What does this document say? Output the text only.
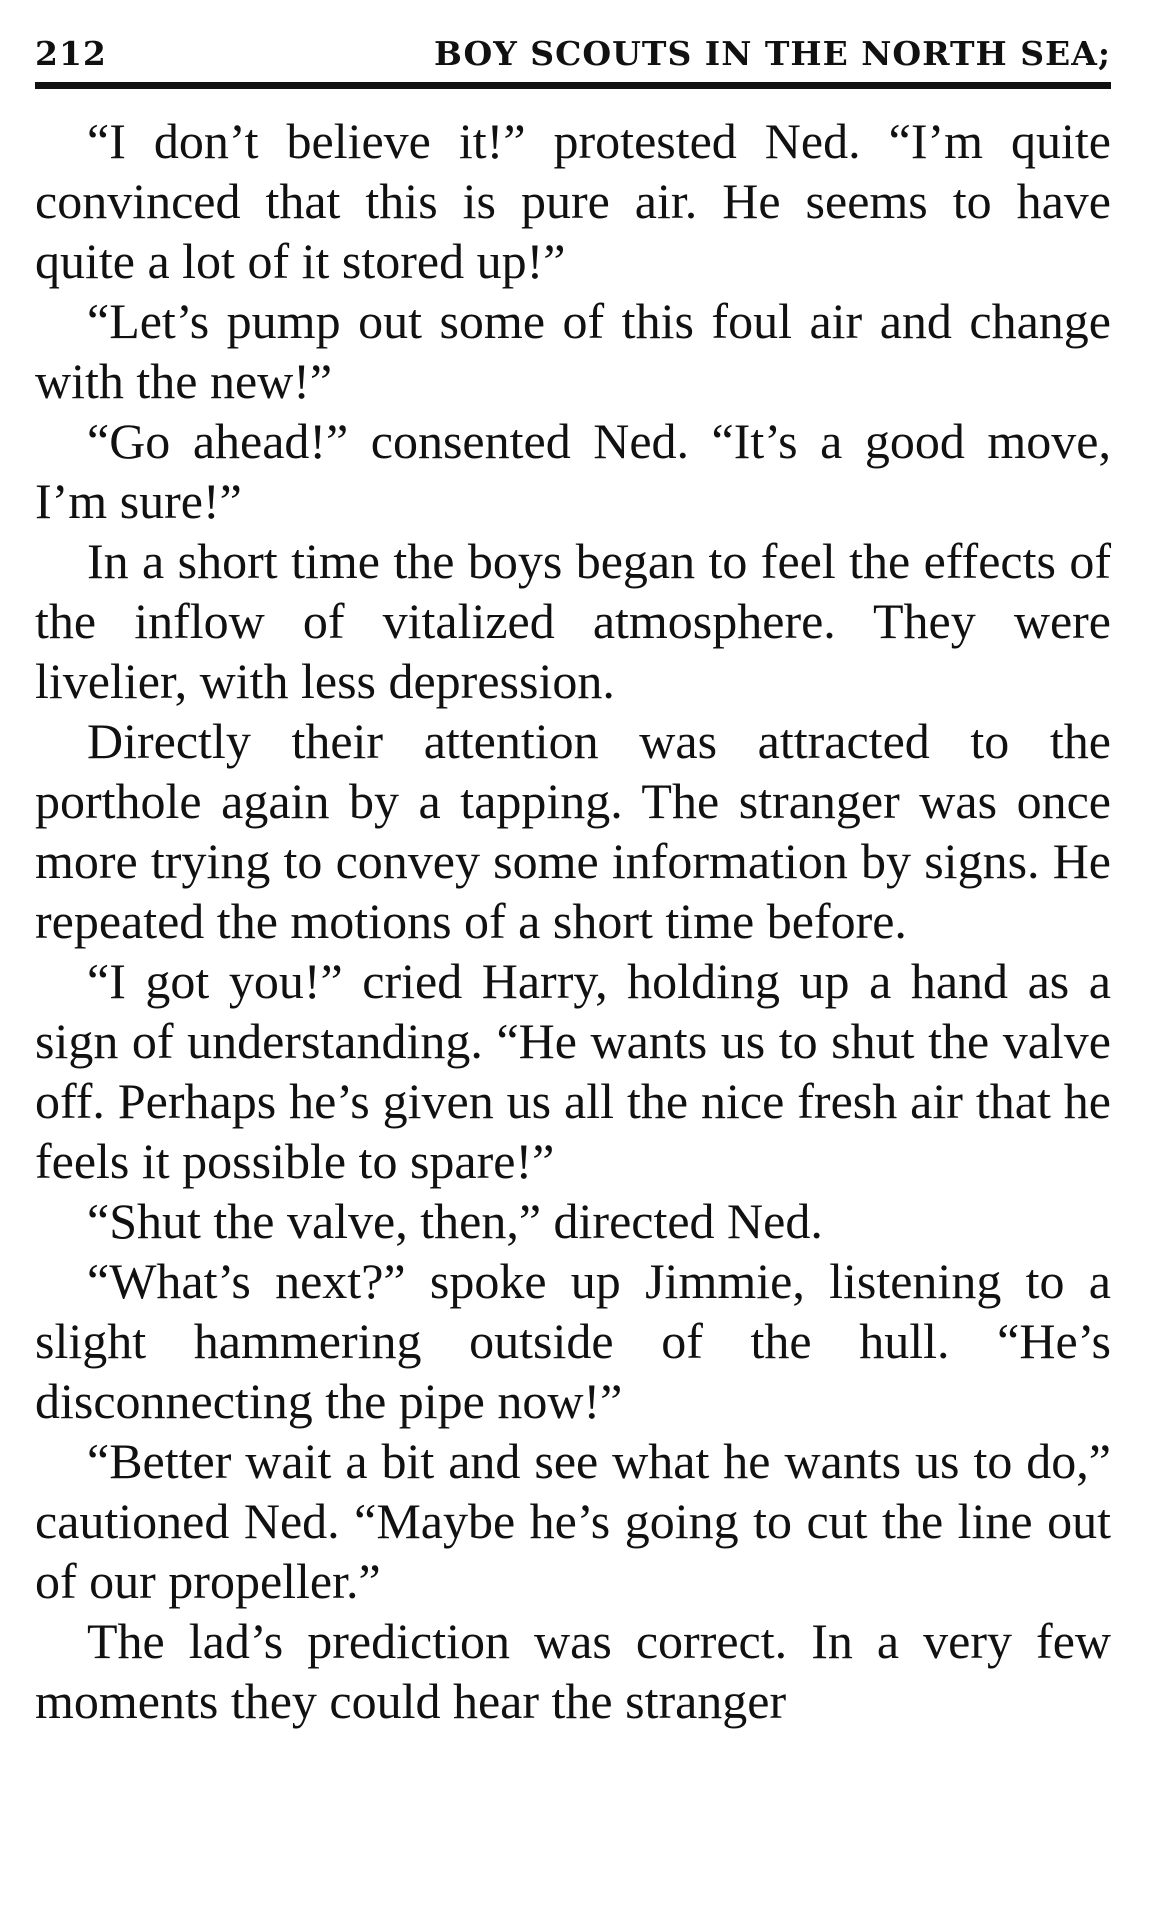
212	BOY SCOUTS IN THE NORTH SEA;

“I don’t believe it!” protested Ned. “I’m quite convinced that this is pure air. He seems to have quite a lot of it stored up!”

“Let’s pump out some of this foul air and change with the new!”

“Go ahead!” consented Ned. “It’s a good move, I’m sure!”

In a short time the boys began to feel the effects of the inflow of vitalized atmosphere. They were livelier, with less depression.

Directly their attention was attracted to the porthole again by a tapping. The stranger was once more trying to convey some information by signs. He repeated the motions of a short time before.

“I got you!” cried Harry, holding up a hand as a sign of understanding. “He wants us to shut the valve off. Perhaps he’s given us all the nice fresh air that he feels it possible to spare!”

“Shut the valve, then,” directed Ned.

“What’s next?” spoke up Jimmie, listening to a slight hammering outside of the hull. “He’s disconnecting the pipe now!”

“Better wait a bit and see what he wants us to do,” cautioned Ned. “Maybe he’s going to cut the line out of our propeller.”

The lad’s prediction was correct. In a very few moments they could hear the stranger
